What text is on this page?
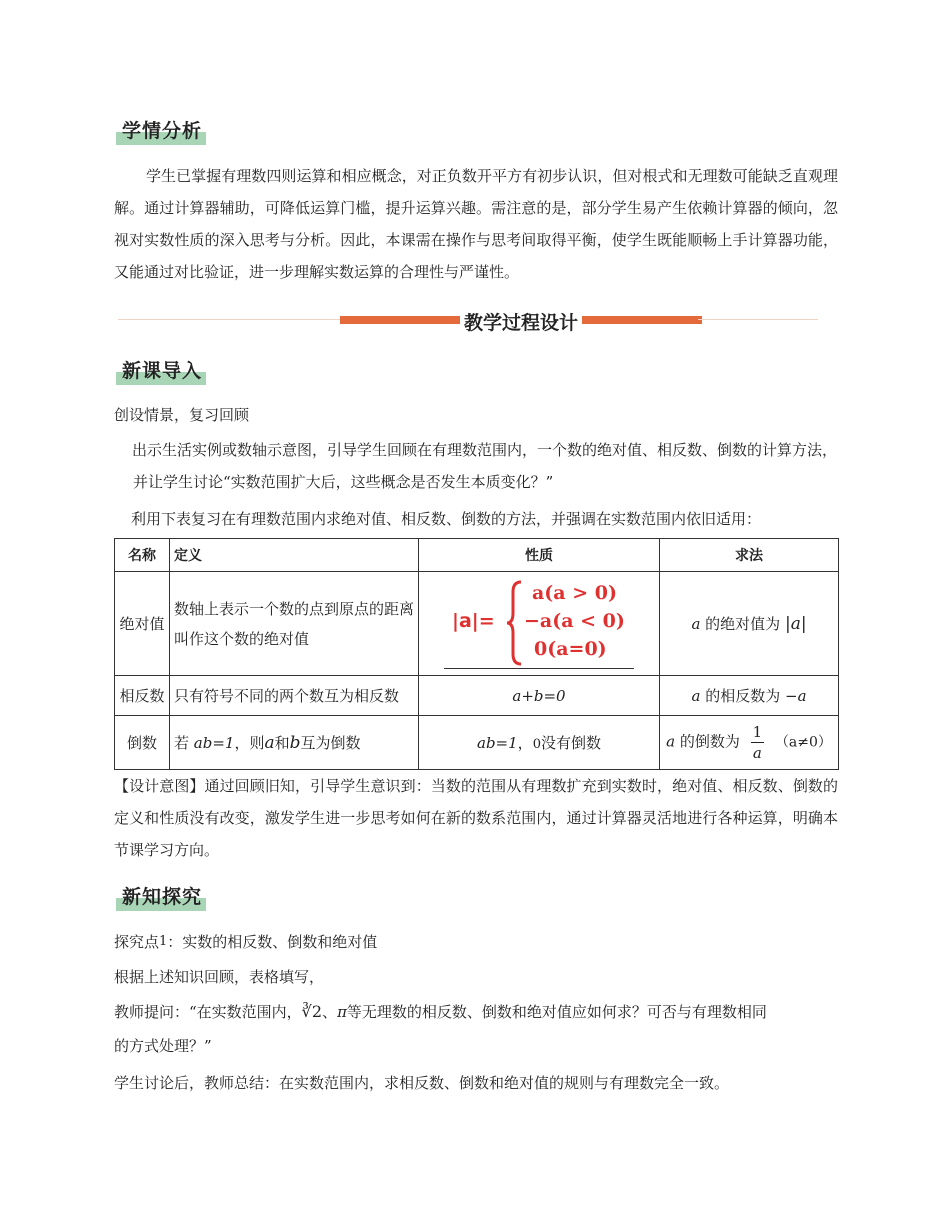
学情分析
学生已掌握有理数四则运算和相应概念，对正负数开平方有初步认识，但对根式和无理数可能缺乏直观理解。通过计算器辅助，可降低运算门槛，提升运算兴趣。需注意的是，部分学生易产生依赖计算器的倾向，忽视对实数性质的深入思考与分析。因此，本课需在操作与思考间取得平衡，使学生既能顺畅上手计算器功能，又能通过对比验证，进一步理解实数运算的合理性与严谨性。
教学过程设计
新课导入
创设情景，复习回顾
出示生活实例或数轴示意图，引导学生回顾在有理数范围内，一个数的绝对值、相反数、倒数的计算方法，并让学生讨论“实数范围扩大后，这些概念是否发生本质变化？”
利用下表复习在有理数范围内求绝对值、相反数、倒数的方法，并强调在实数范围内依旧适用：
名称	定义	性质	求法
绝对值	数轴上表示一个数的点到原点的距离叫作这个数的绝对值	|a|=
a(a > 0)
−a(a < 0)
0(a=0)	a 的绝对值为 |a|
相反数	只有符号不同的两个数互为相反数	a+b=0	a 的相反数为 −a
倒数	若 ab=1，则a和b互为倒数	ab=1，0没有倒数	a 的倒数为 $\frac{1}{a} (a\ne 0)$
【设计意图】通过回顾旧知，引导学生意识到：当数的范围从有理数扩充到实数时，绝对值、相反数、倒数的定义和性质没有改变，激发学生进一步思考如何在新的数系范围内，通过计算器灵活地进行各种运算，明确本节课学习方向。
新知探究
探究点1：实数的相反数、倒数和绝对值
根据上述知识回顾，表格填写，
教师提问：“在实数范围内，∛2、π等无理数的相反数、倒数和绝对值应如何求？可否与有理数相同
的方式处理？”
学生讨论后，教师总结：在实数范围内，求相反数、倒数和绝对值的规则与有理数完全一致。
